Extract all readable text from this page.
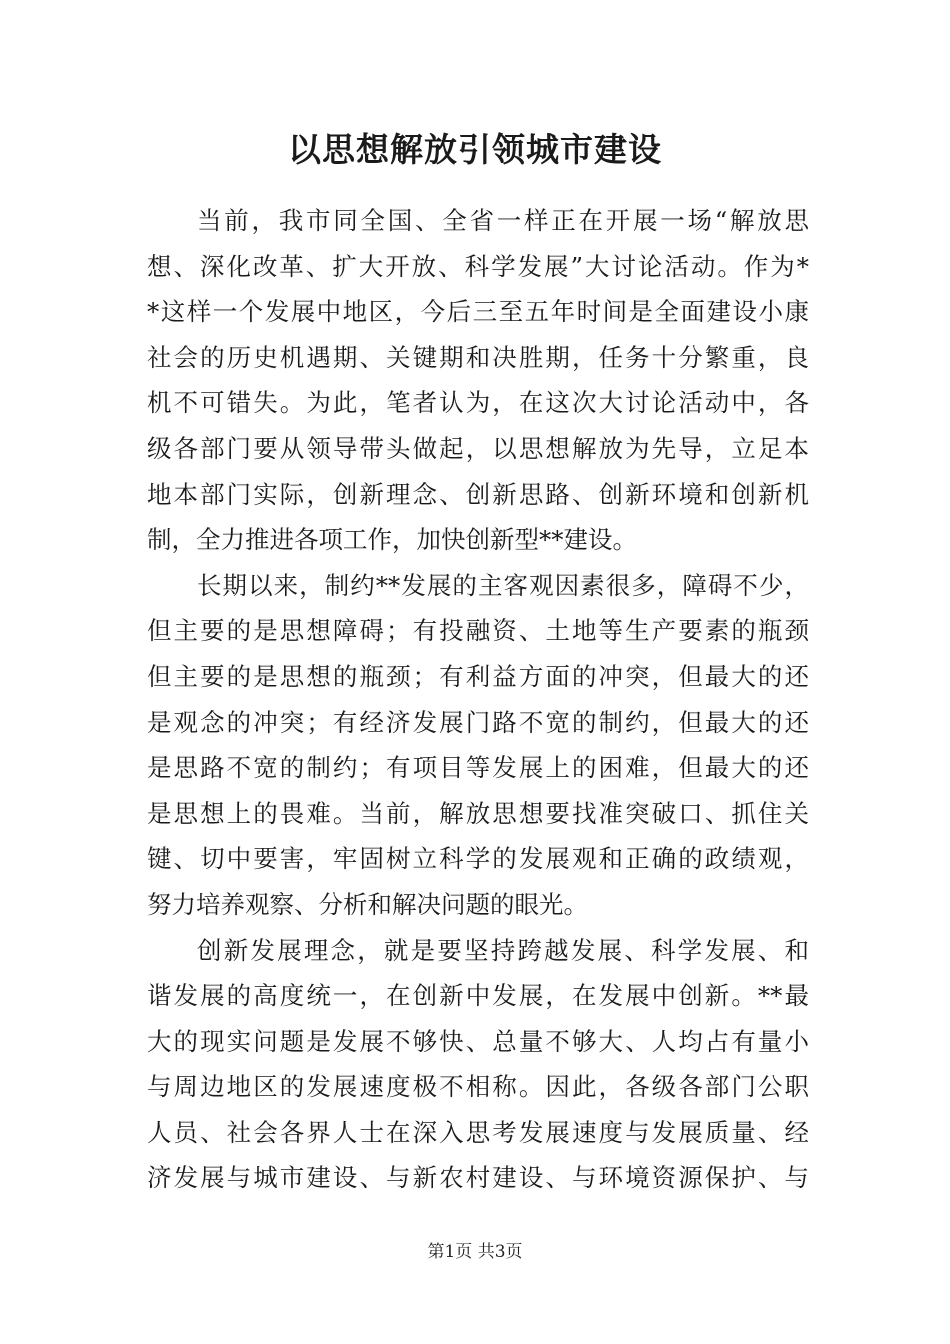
以思想解放引领城市建设
当前，我市同全国、全省一样正在开展一场“解放思
想、深化改革、扩大开放、科学发展”大讨论活动。作为*
*这样一个发展中地区，今后三至五年时间是全面建设小康
社会的历史机遇期、关键期和决胜期，任务十分繁重，良
机不可错失。为此，笔者认为，在这次大讨论活动中，各
级各部门要从领导带头做起，以思想解放为先导，立足本
地本部门实际，创新理念、创新思路、创新环境和创新机
制，全力推进各项工作，加快创新型**建设。
长期以来，制约**发展的主客观因素很多，障碍不少，
但主要的是思想障碍；有投融资、土地等生产要素的瓶颈
但主要的是思想的瓶颈；有利益方面的冲突，但最大的还
是观念的冲突；有经济发展门路不宽的制约，但最大的还
是思路不宽的制约；有项目等发展上的困难，但最大的还
是思想上的畏难。当前，解放思想要找准突破口、抓住关
键、切中要害，牢固树立科学的发展观和正确的政绩观，
努力培养观察、分析和解决问题的眼光。
创新发展理念，就是要坚持跨越发展、科学发展、和
谐发展的高度统一，在创新中发展，在发展中创新。**最
大的现实问题是发展不够快、总量不够大、人均占有量小
与周边地区的发展速度极不相称。因此，各级各部门公职
人员、社会各界人士在深入思考发展速度与发展质量、经
济发展与城市建设、与新农村建设、与环境资源保护、与
第1页 共3页
